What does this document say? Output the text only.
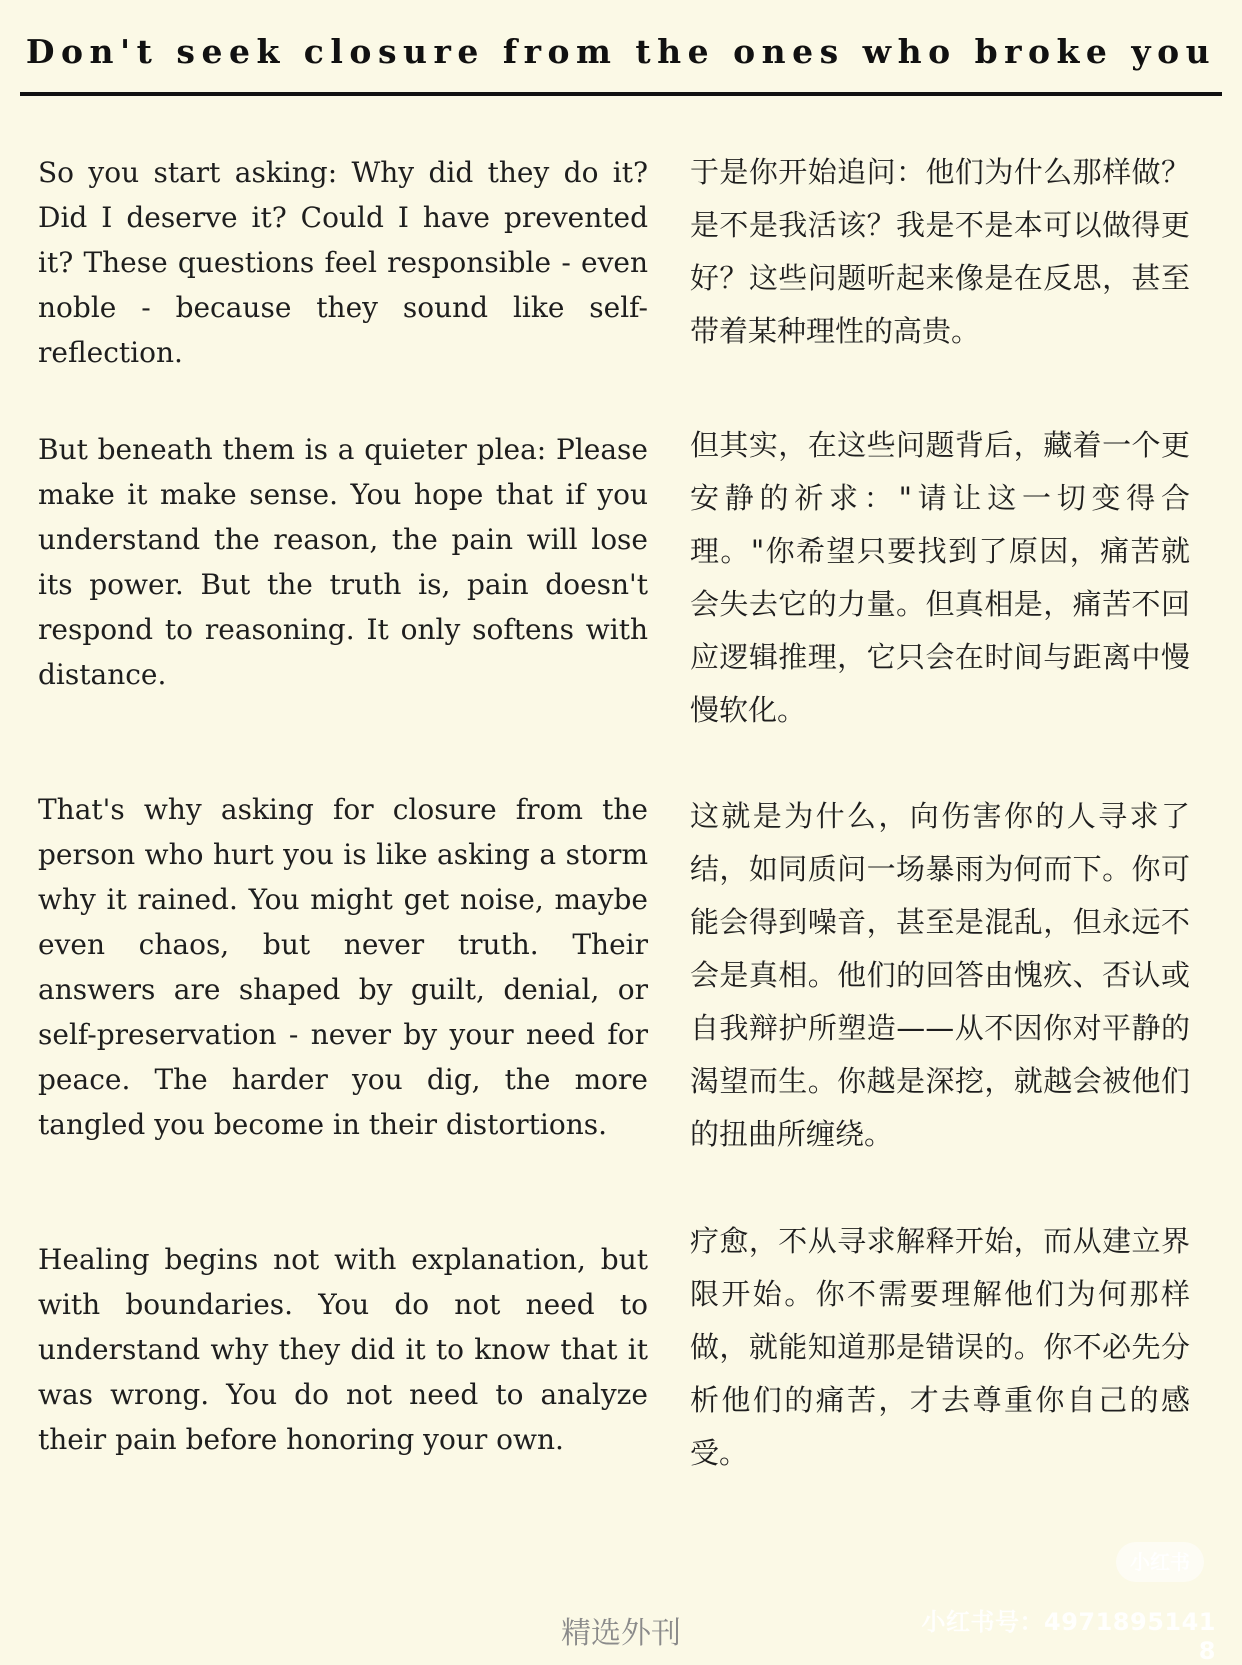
Don't seek closure from the ones who broke you

So you start asking: Why did they do it? Did I deserve it? Could I have prevented it? These questions feel responsible - even noble - because they sound like self-reflection.

于是你开始追问：他们为什么那样做？是不是我活该？我是不是本可以做得更好？这些问题听起来像是在反思，甚至带着某种理性的高贵。

But beneath them is a quieter plea: Please make it make sense. You hope that if you understand the reason, the pain will lose its power. But the truth is, pain doesn't respond to reasoning. It only softens with distance.

但其实，在这些问题背后，藏着一个更安静的祈求："请让这一切变得合理。"你希望只要找到了原因，痛苦就会失去它的力量。但真相是，痛苦不回应逻辑推理，它只会在时间与距离中慢慢软化。

That's why asking for closure from the person who hurt you is like asking a storm why it rained. You might get noise, maybe even chaos, but never truth. Their answers are shaped by guilt, denial, or self-preservation - never by your need for peace. The harder you dig, the more tangled you become in their distortions.

这就是为什么，向伤害你的人寻求了结，如同质问一场暴雨为何而下。你可能会得到噪音，甚至是混乱，但永远不会是真相。他们的回答由愧疚、否认或自我辩护所塑造——从不因你对平静的渴望而生。你越是深挖，就越会被他们的扭曲所缠绕。

Healing begins not with explanation, but with boundaries. You do not need to understand why they did it to know that it was wrong. You do not need to analyze their pain before honoring your own.

疗愈，不从寻求解释开始，而从建立界限开始。你不需要理解他们为何那样做，就能知道那是错误的。你不必先分析他们的痛苦，才去尊重你自己的感受。

精选外刊
小红书
小红书号：4971895141 8
